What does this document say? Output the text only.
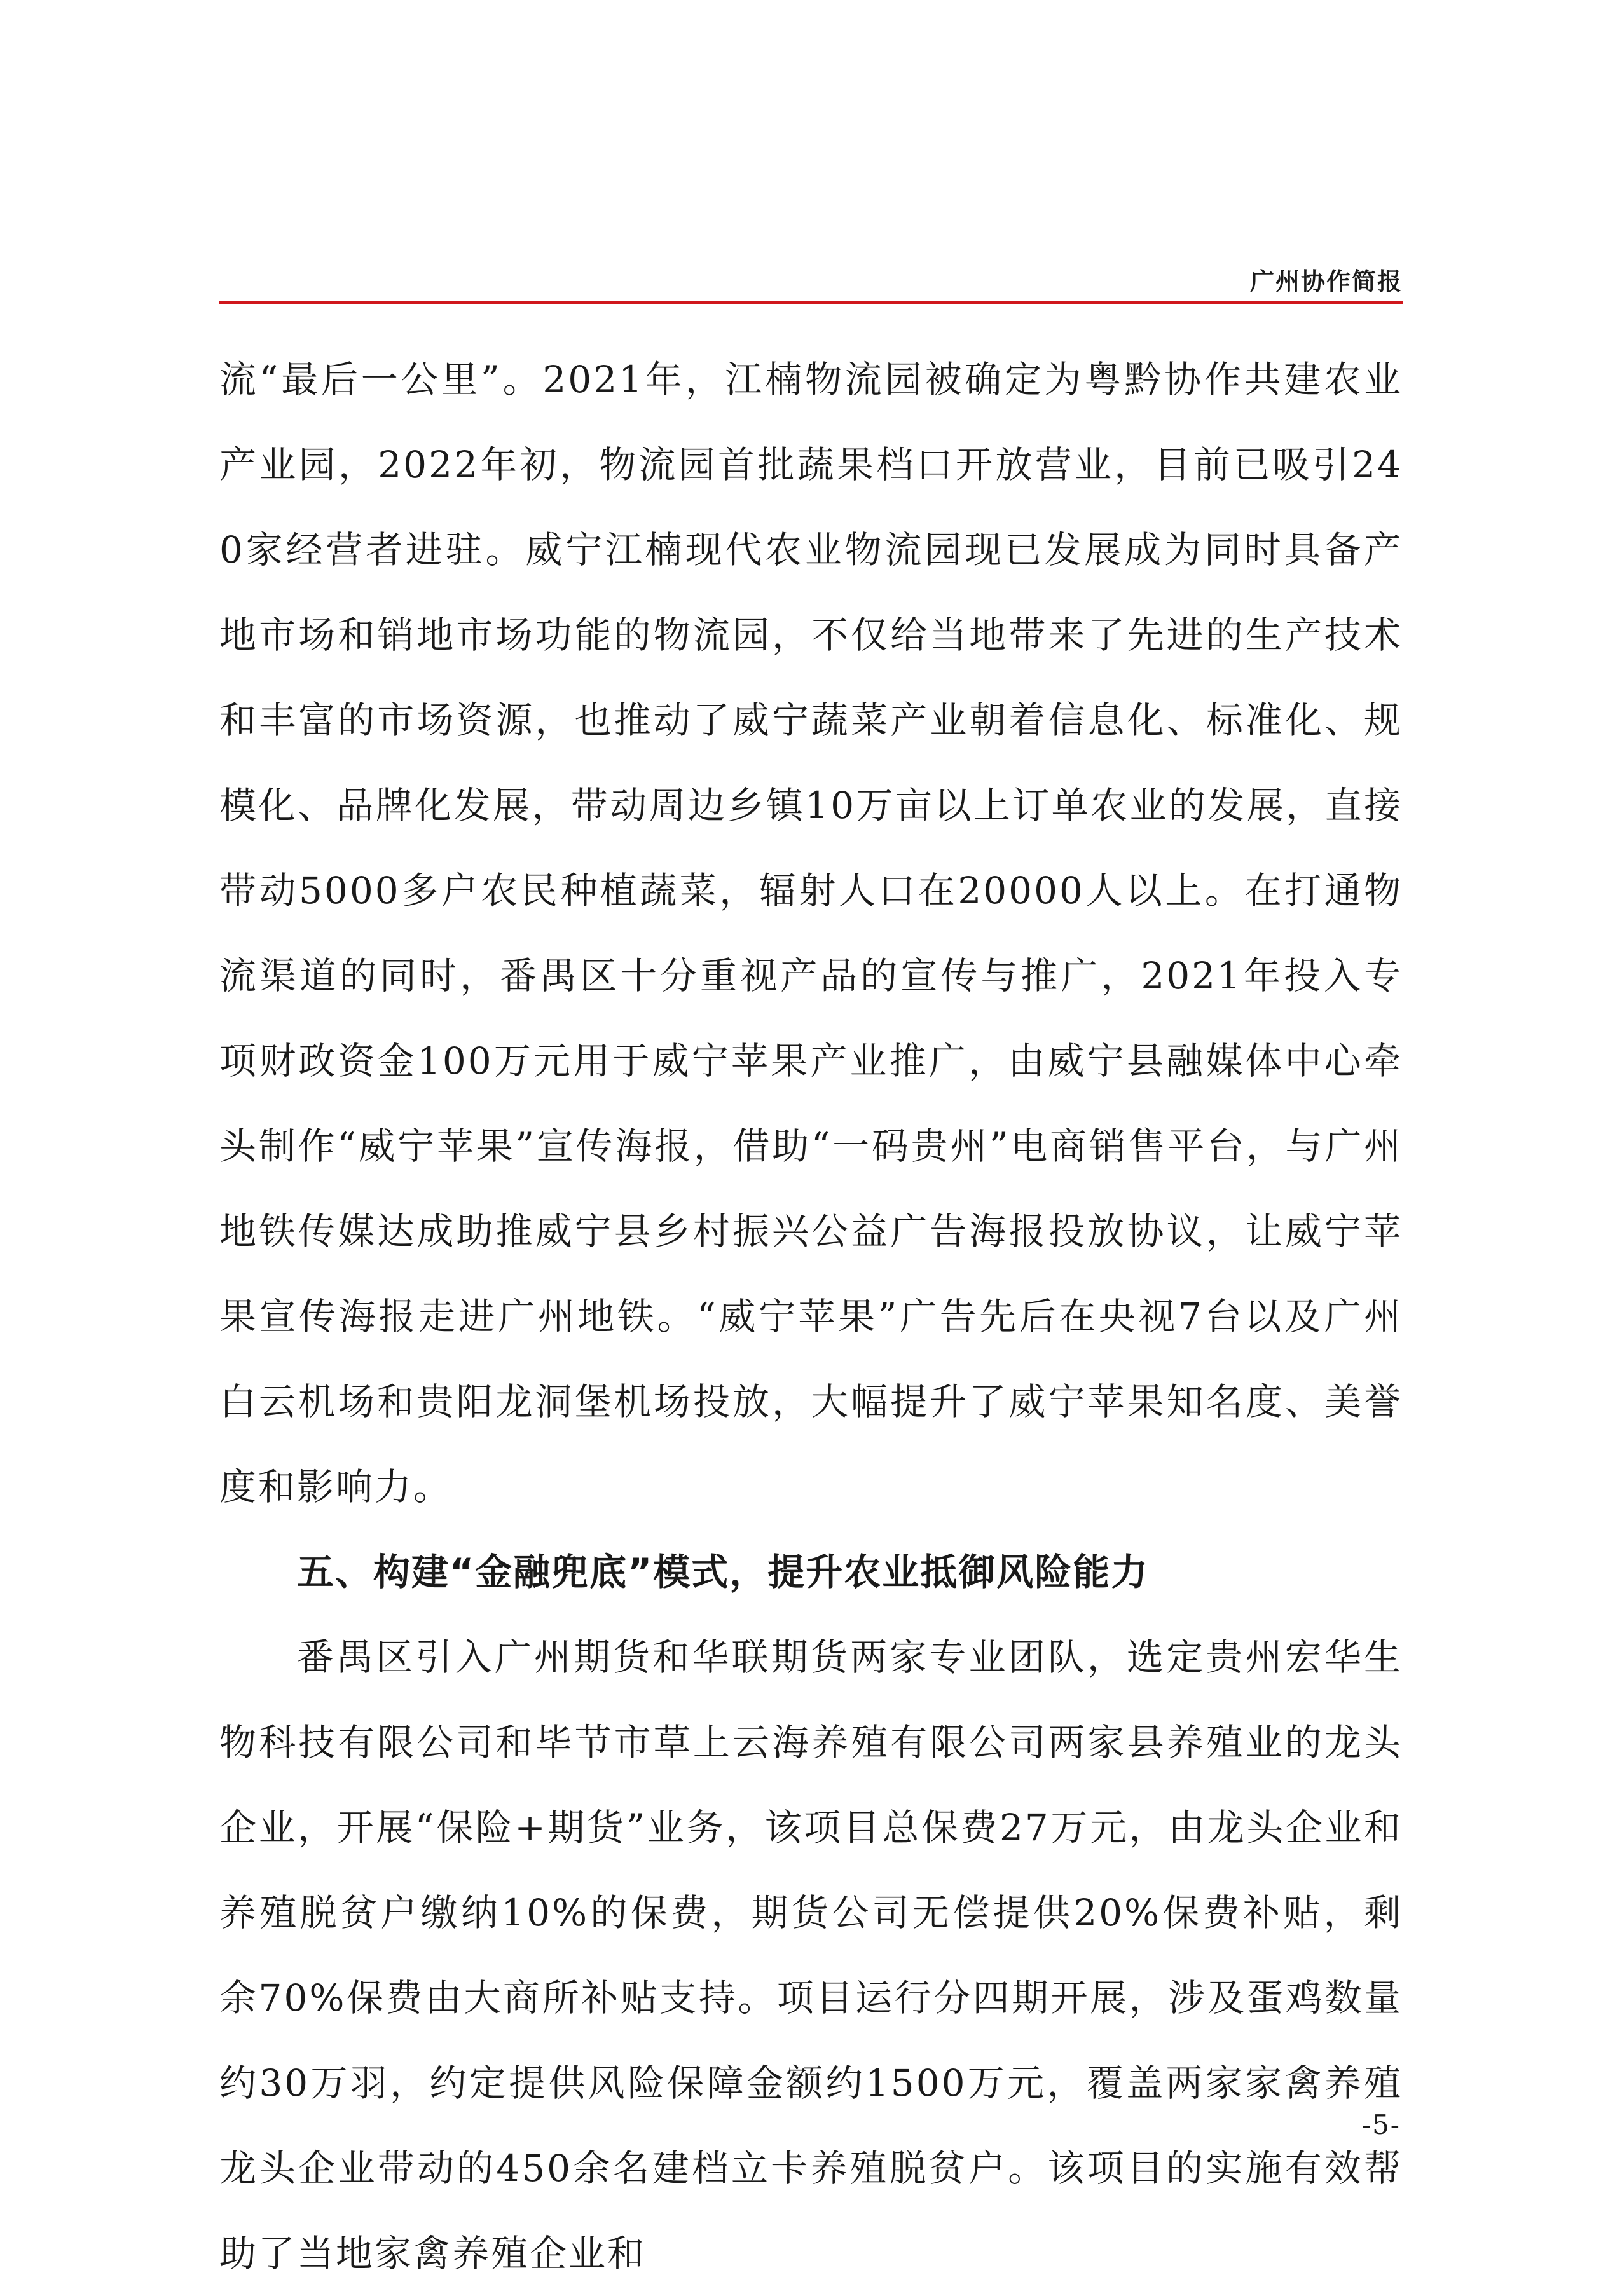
广州协作简报

流“最后一公里”。2021年，江楠物流园被确定为粤黔协作共建农业产业园，2022年初，物流园首批蔬果档口开放营业，目前已吸引240家经营者进驻。威宁江楠现代农业物流园现已发展成为同时具备产地市场和销地市场功能的物流园，不仅给当地带来了先进的生产技术和丰富的市场资源，也推动了威宁蔬菜产业朝着信息化、标准化、规模化、品牌化发展，带动周边乡镇10万亩以上订单农业的发展，直接带动5000多户农民种植蔬菜，辐射人口在20000人以上。在打通物流渠道的同时，番禺区十分重视产品的宣传与推广，2021年投入专项财政资金100万元用于威宁苹果产业推广，由威宁县融媒体中心牵头制作“威宁苹果”宣传海报，借助“一码贵州”电商销售平台，与广州地铁传媒达成助推威宁县乡村振兴公益广告海报投放协议，让威宁苹果宣传海报走进广州地铁。“威宁苹果”广告先后在央视7台以及广州白云机场和贵阳龙洞堡机场投放，大幅提升了威宁苹果知名度、美誉度和影响力。

五、构建“金融兜底”模式，提升农业抵御风险能力

番禺区引入广州期货和华联期货两家专业团队，选定贵州宏华生物科技有限公司和毕节市草上云海养殖有限公司两家县养殖业的龙头企业，开展“保险+期货”业务，该项目总保费27万元，由龙头企业和养殖脱贫户缴纳10%的保费，期货公司无偿提供20%保费补贴，剩余70%保费由大商所补贴支持。项目运行分四期开展，涉及蛋鸡数量约30万羽，约定提供风险保障金额约1500万元，覆盖两家家禽养殖龙头企业带动的450余名建档立卡养殖脱贫户。该项目的实施有效帮助了当地家禽养殖企业和

-5-
